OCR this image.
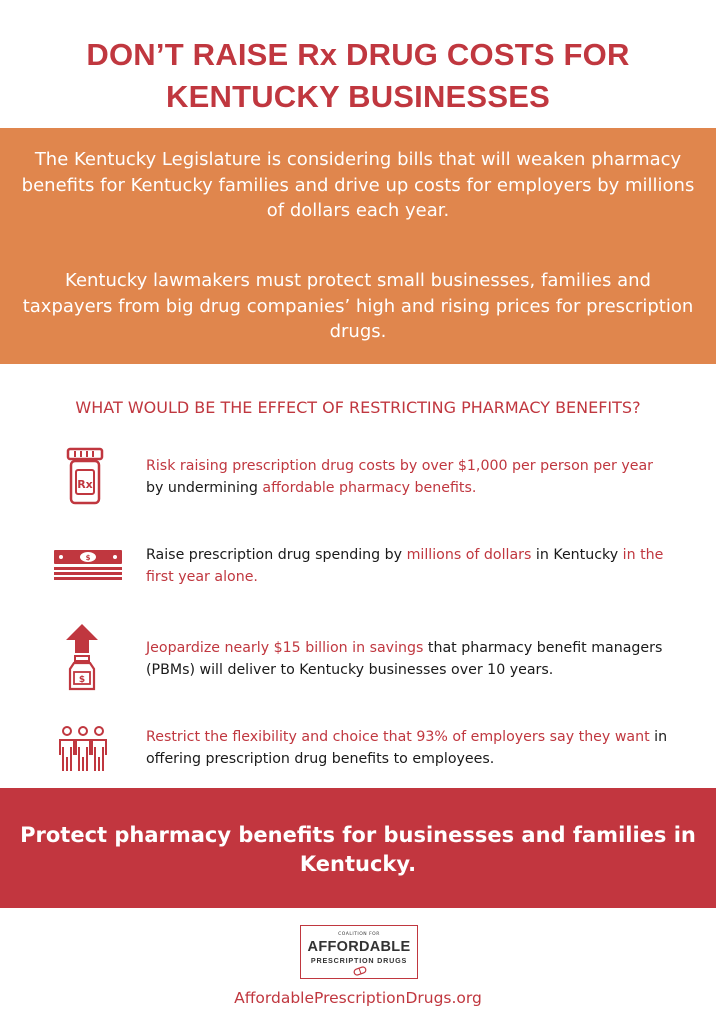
DON’T RAISE Rx DRUG COSTS FOR
KENTUCKY BUSINESSES

The Kentucky Legislature is considering bills that will weaken pharmacy benefits for Kentucky families and drive up costs for employers by millions of dollars each year.

Kentucky lawmakers must protect small businesses, families and taxpayers from big drug companies’ high and rising prices for prescription drugs.

WHAT WOULD BE THE EFFECT OF RESTRICTING PHARMACY BENEFITS?
Rx
Risk raising prescription drug costs by over $1,000 per person per year
by undermining affordable pharmacy benefits.
$	Raise prescription drug spending by millions of dollars in Kentucky in the first year alone.
$
Jeopardize nearly $15 billion in savings that pharmacy benefit managers (PBMs) will deliver to Kentucky businesses over 10 years.
Restrict the flexibility and choice that 93% of employers say they want in offering prescription drug benefits to employees.

Protect pharmacy benefits for businesses and families in Kentucky.

COALITION FOR
AFFORDABLE
PRESCRIPTION DRUGS
AffordablePrescriptionDrugs.org
